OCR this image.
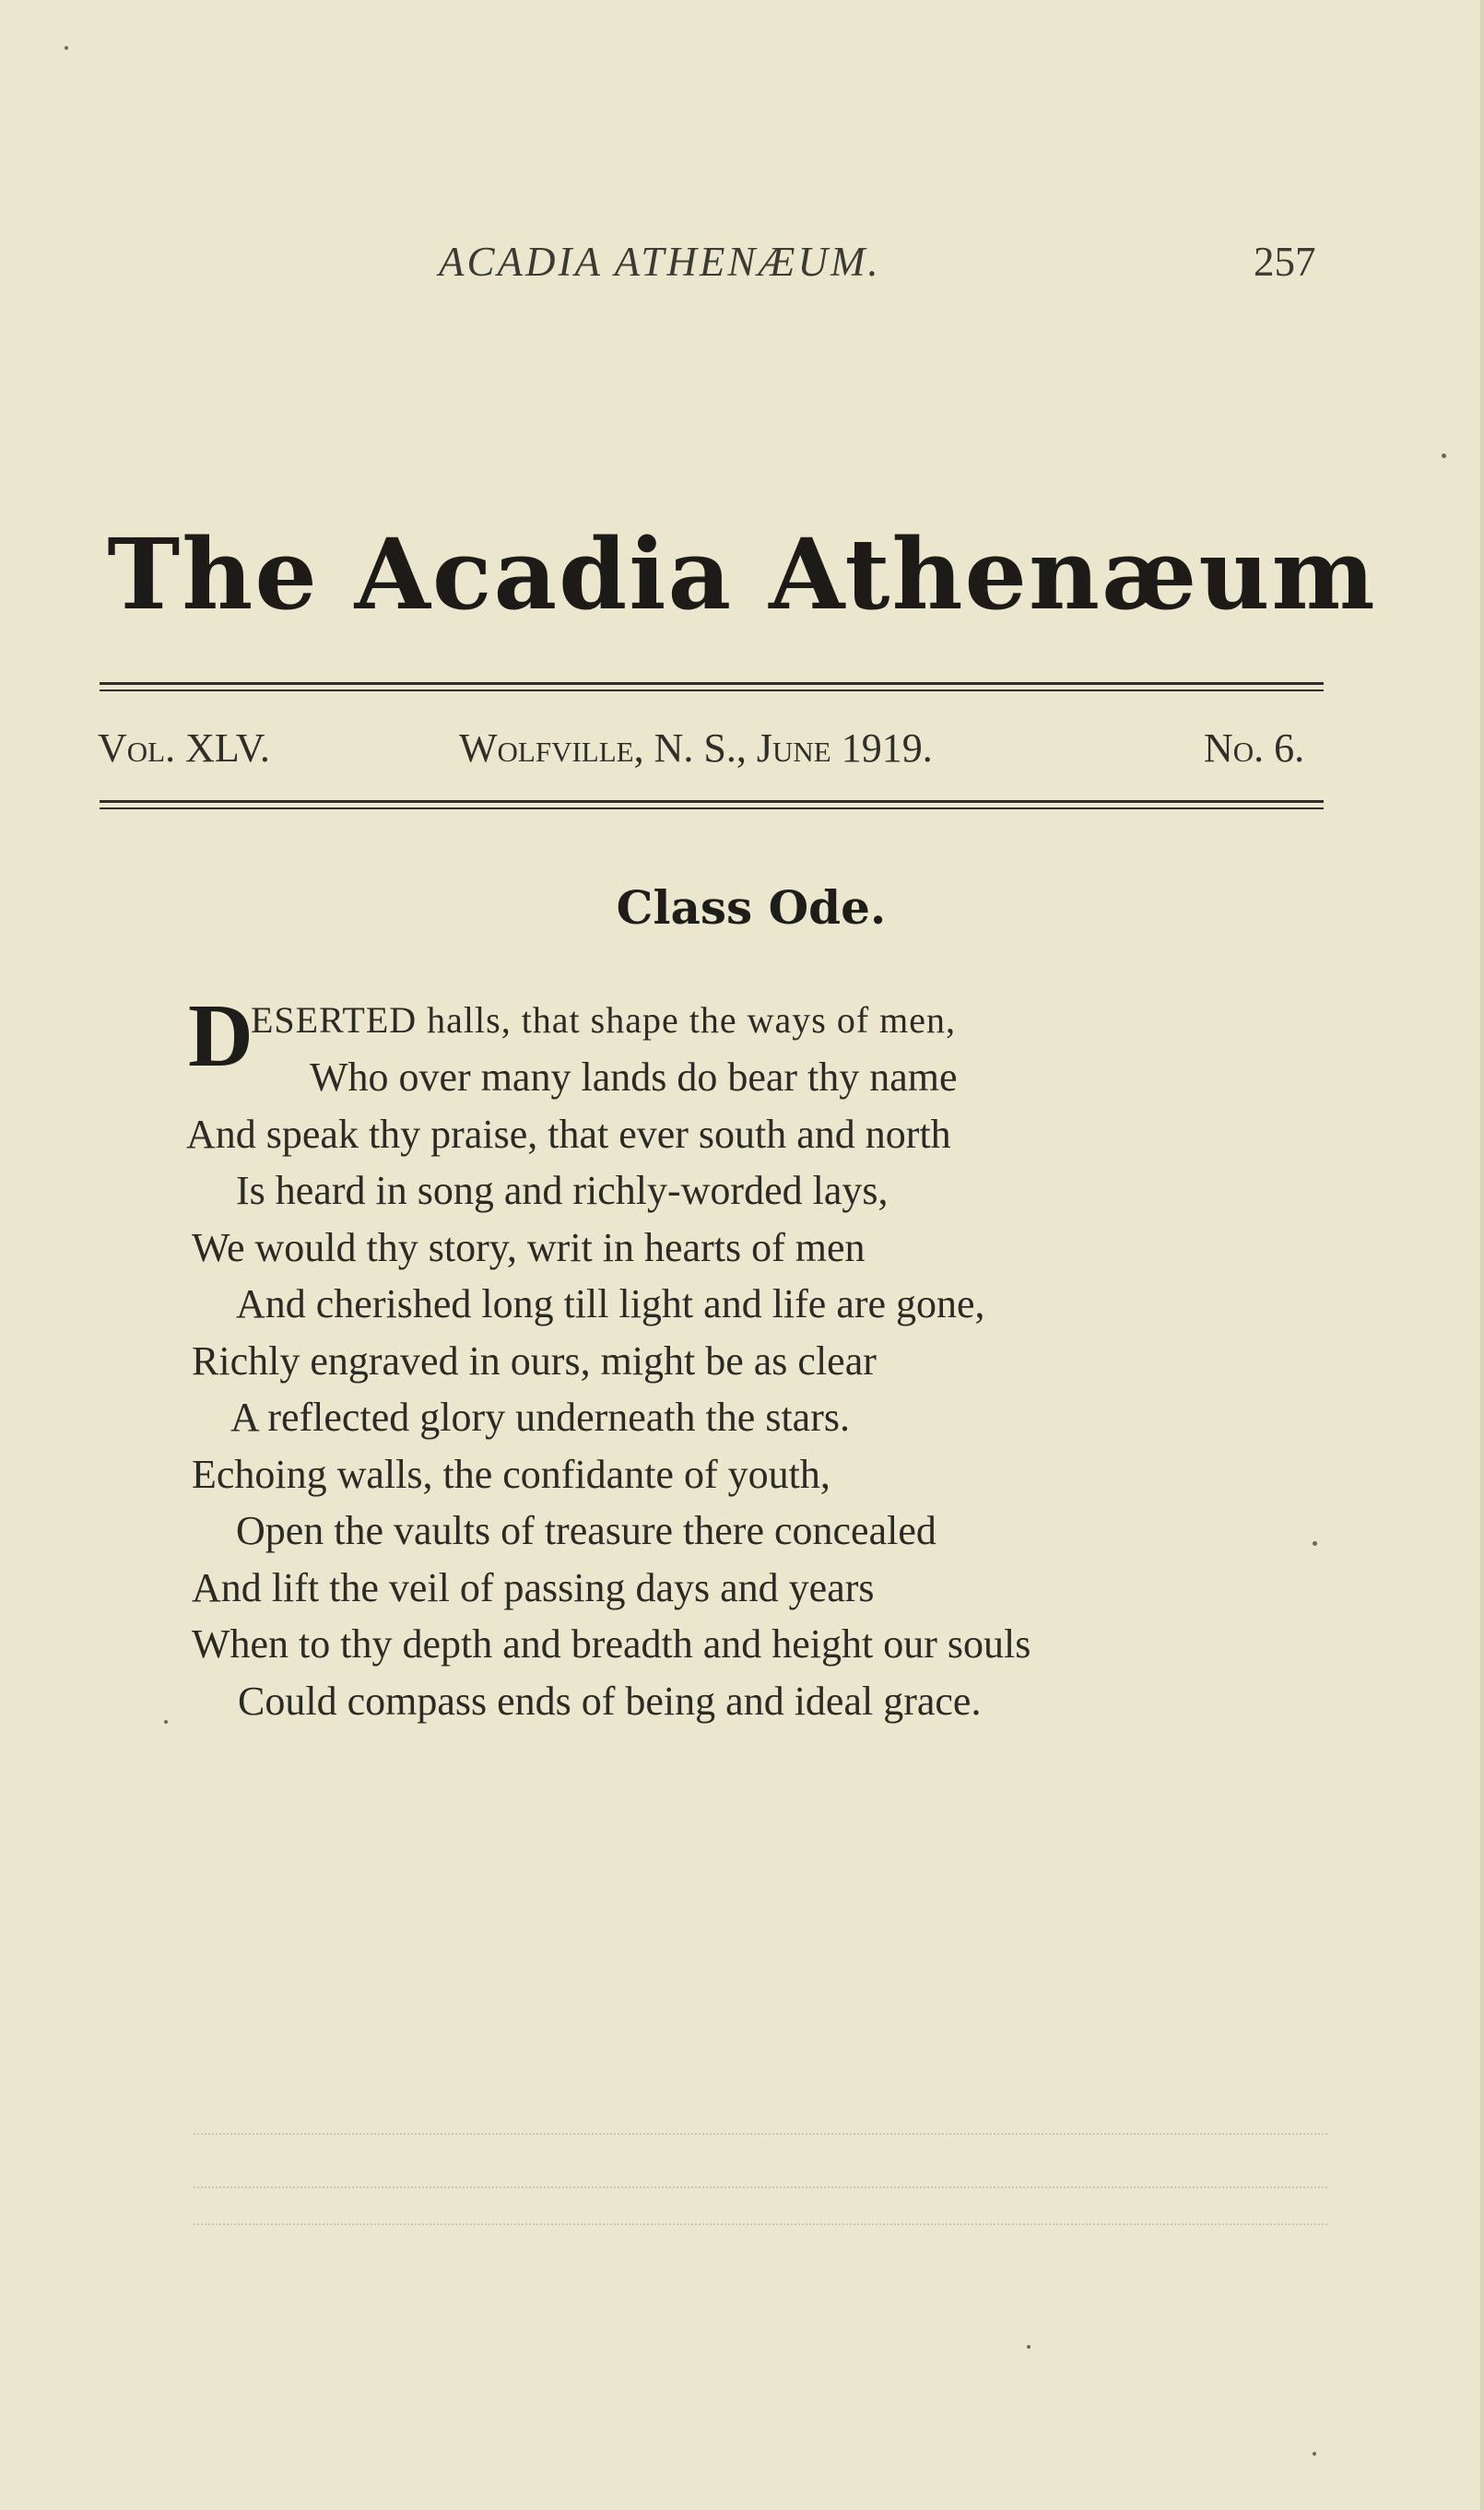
ACADIA ATHENÆUM.	257
The Acadia Athenæum
Vol. XLV.	Wolfville, N. S., June 1919.	No. 6.
Class Ode.
D
ESERTED halls, that shape the ways of men,
Who over many lands do bear thy name
And speak thy praise, that ever south and north
Is heard in song and richly-worded lays,
We would thy story, writ in hearts of men
And cherished long till light and life are gone,
Richly engraved in ours, might be as clear
A reflected glory underneath the stars.
Echoing walls, the confidante of youth,
Open the vaults of treasure there concealed
And lift the veil of passing days and years
When to thy depth and breadth and height our souls
Could compass ends of being and ideal grace.
